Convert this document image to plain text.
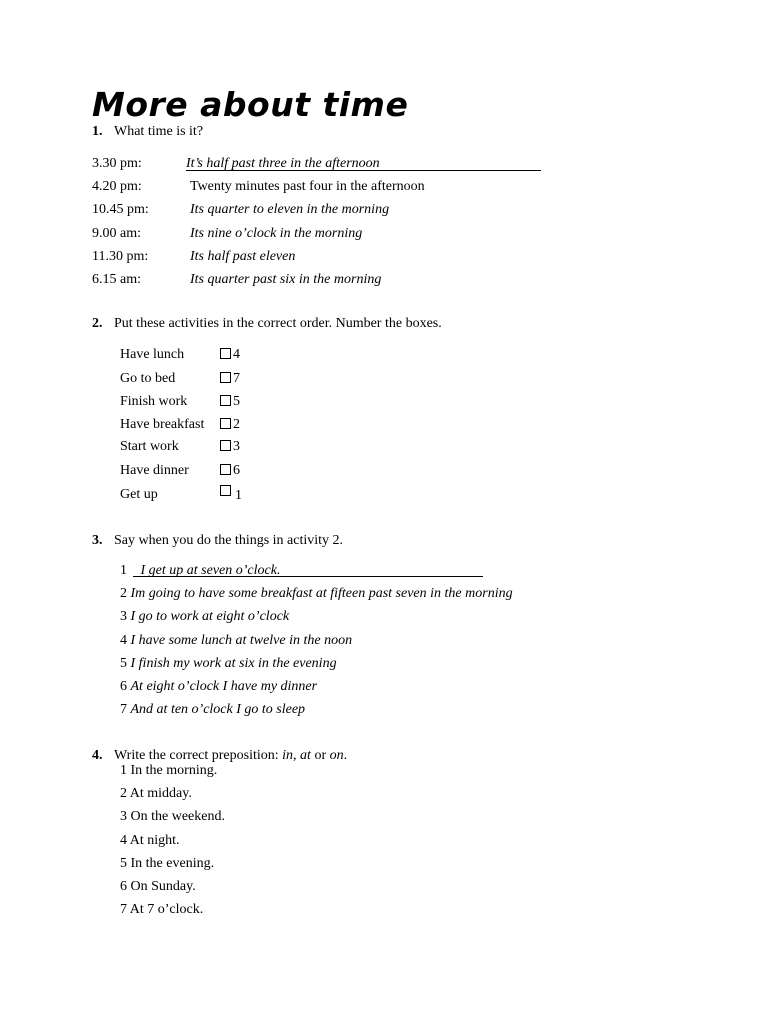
More about time
1. What time is it?
3.30 pm:	It’s half past three in the afternoon
4.20 pm:	Twenty minutes past four in the afternoon
10.45 pm:	Its quarter to eleven in the morning
9.00 am:	Its nine o’clock in the morning
11.30 pm:	Its half past eleven
6.15 am:	Its quarter past six in the morning
2. Put these activities in the correct order. Number the boxes.
Have lunch	4
Go to bed	7
Finish work	5
Have breakfast	2
Start work	3
Have dinner	6
Get up	1
3. Say when you do the things in activity 2.
1 I get up at seven o’clock.
2 Im going to have some breakfast at fifteen past seven in the morning
3 I go to work at eight o’clock
4 I have some lunch at twelve in the noon
5 I finish my work at six in the evening
6 At eight o’clock I have my dinner
7 And at ten o’clock I go to sleep
4. Write the correct preposition: in, at or on.
1 In the morning.
2 At midday.
3 On the weekend.
4 At night.
5 In the evening.
6 On Sunday.
7 At 7 o’clock.
